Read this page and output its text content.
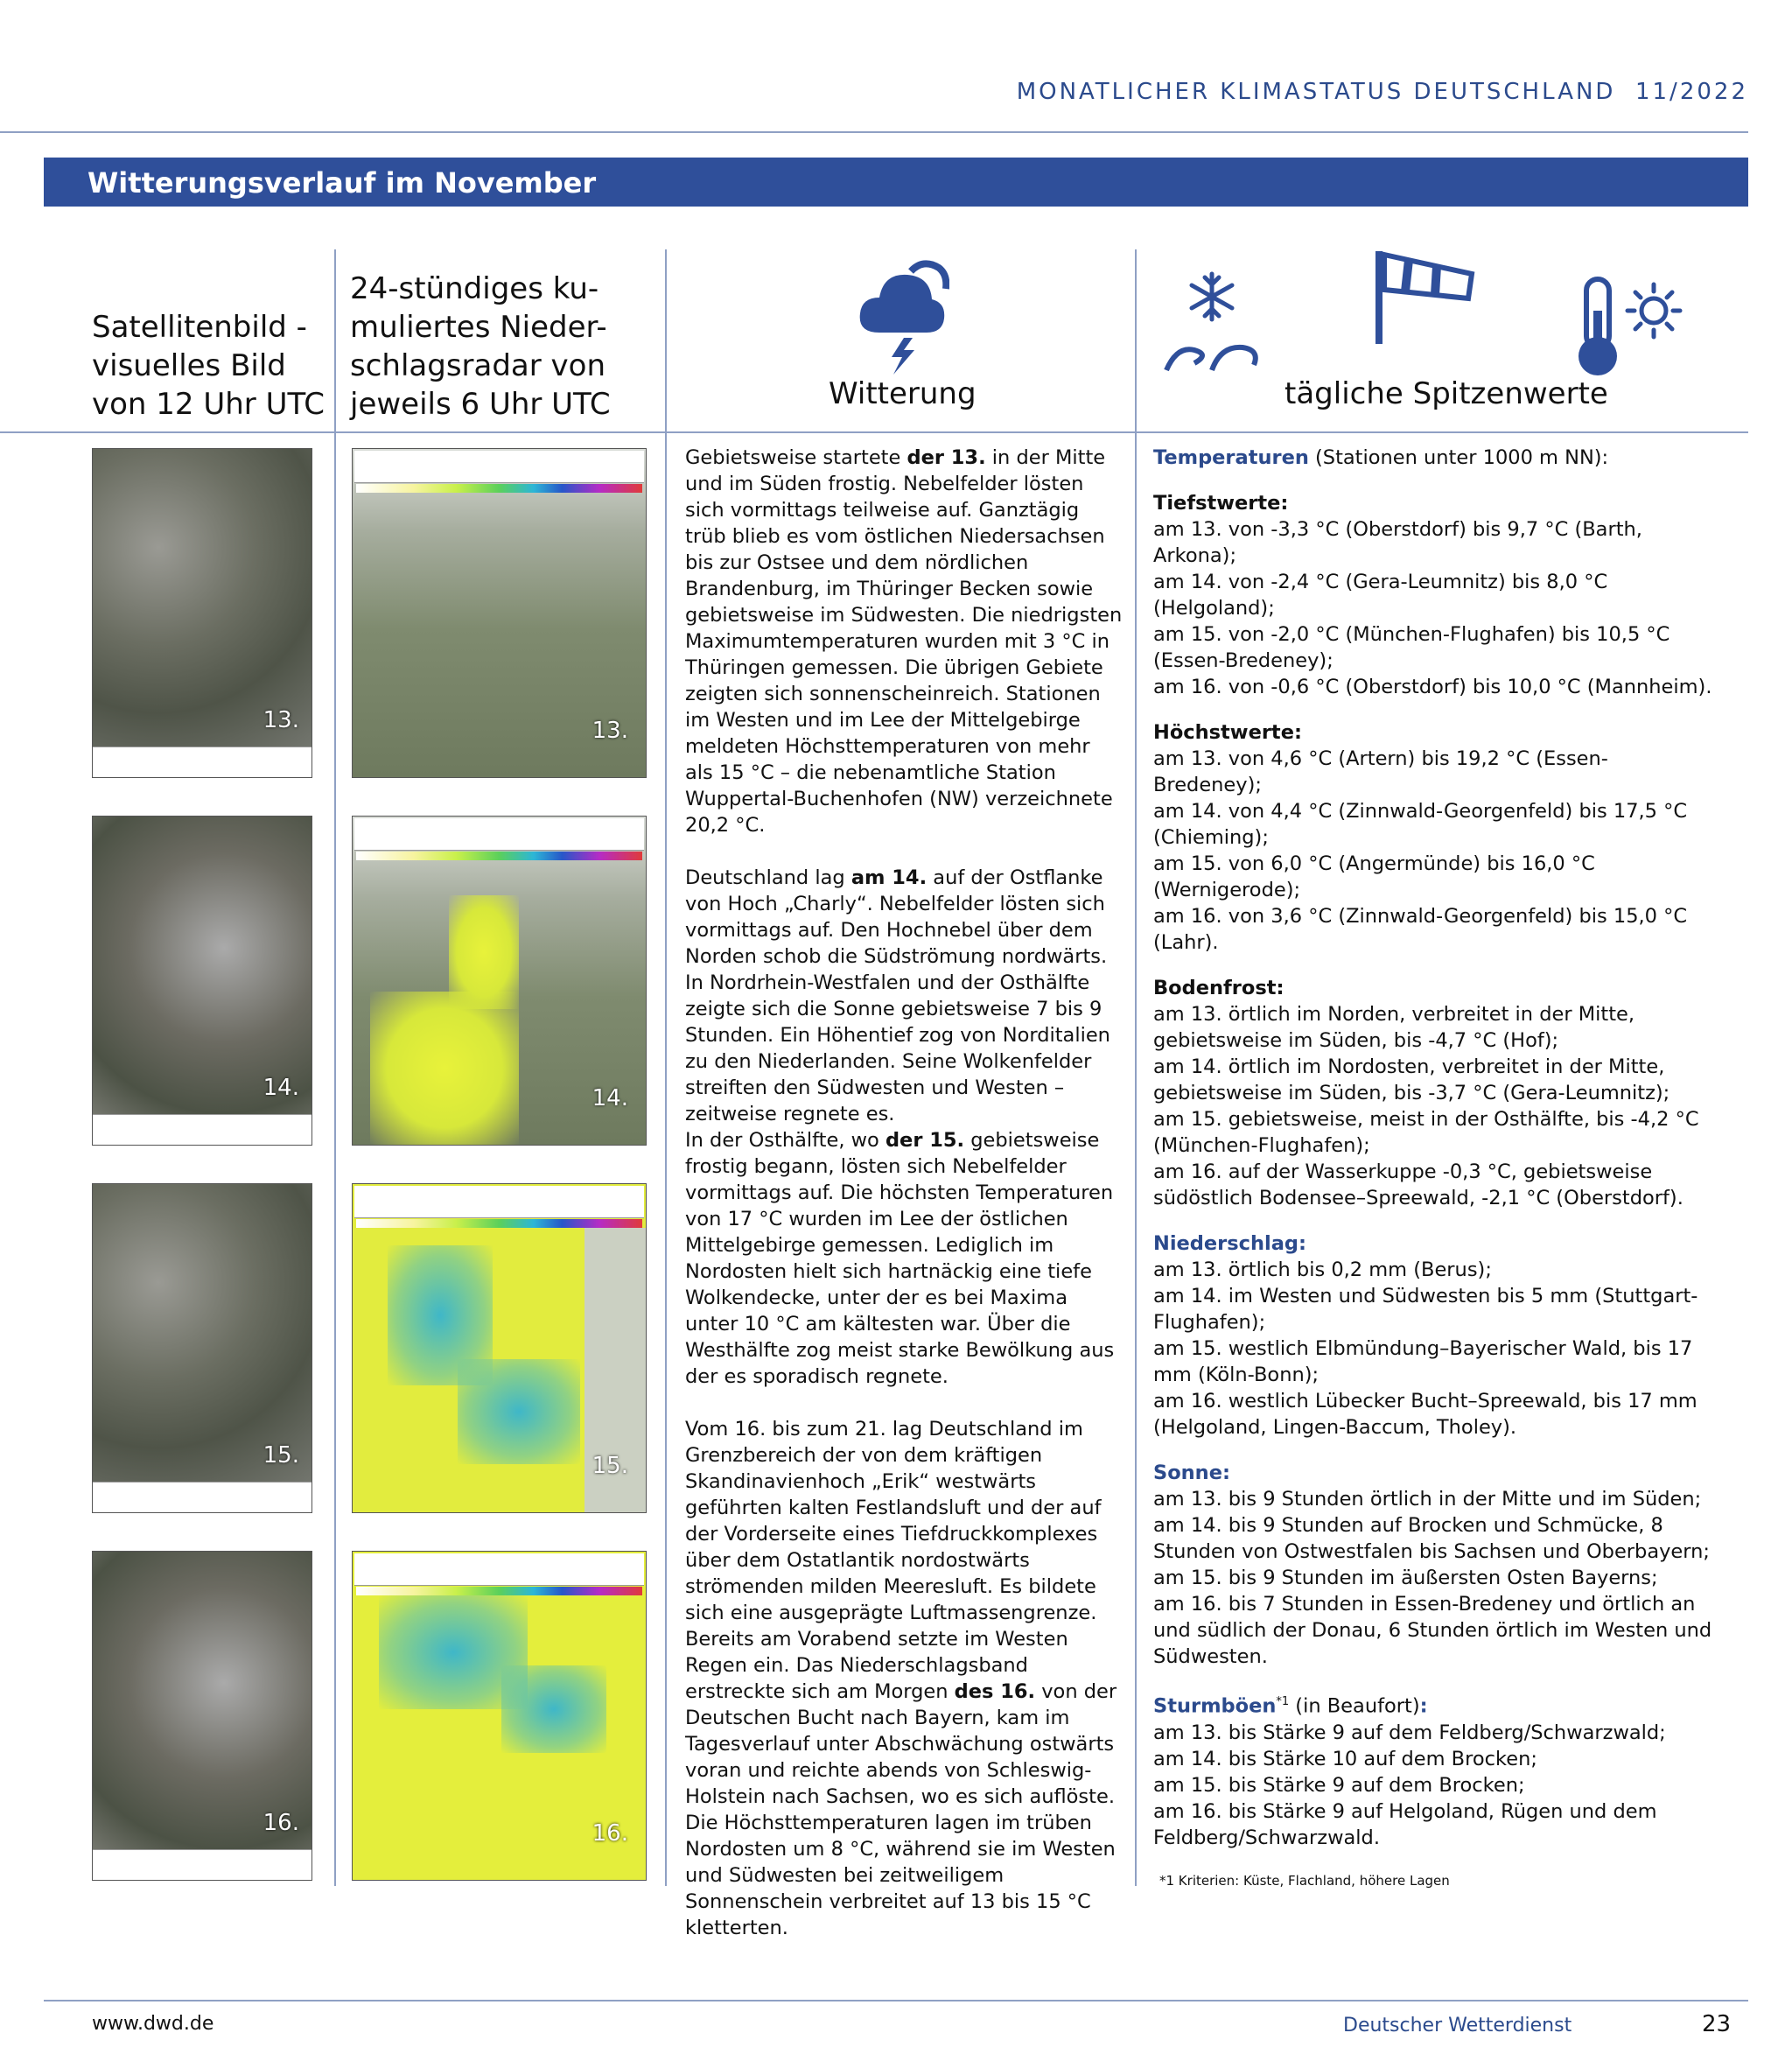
MONATLICHER KLIMASTATUS DEUTSCHLAND  11/2022
Witterungsverlauf im November
Satellitenbild -
visuelles Bild
von 12 Uhr UTC
24-stündiges ku-
muliertes Nieder-
schlagsradar von
jeweils 6 Uhr UTC	Witterung	tägliche Spitzenwerte
13.
14.
15.
16.
13.
14.
15.
16.

Gebietsweise startete der 13. in der Mitte und im Süden frostig. Nebelfelder lösten sich vormittags teilweise auf. Ganztägig trüb blieb es vom östlichen Niedersachsen bis zur Ostsee und dem nördlichen Brandenburg, im Thüringer Becken sowie gebietsweise im Südwesten. Die niedrigsten Maximumtemperaturen wurden mit 3 °C in Thüringen gemessen. Die übrigen Gebiete zeigten sich sonnenscheinreich. Stationen im Westen und im Lee der Mittelgebirge meldeten Höchsttemperaturen von mehr als 15 °C – die nebenamtliche Station Wuppertal-Buchenhofen (NW) verzeichnete 20,2 °C.

Deutschland lag am 14. auf der Ostflanke von Hoch „Charly“. Nebelfelder lösten sich vormittags auf. Den Hochnebel über dem Norden schob die Südströmung nordwärts. In Nordrhein-Westfalen und der Osthälfte zeigte sich die Sonne gebietsweise 7 bis 9 Stunden. Ein Höhentief zog von Norditalien zu den Niederlanden. Seine Wolkenfelder streiften den Südwesten und Westen – zeitweise regnete es.

In der Osthälfte, wo der 15. gebietsweise frostig begann, lösten sich Nebelfelder vormittags auf. Die höchsten Temperaturen von 17 °C wurden im Lee der östlichen Mittelgebirge gemessen. Lediglich im Nordosten hielt sich hartnäckig eine tiefe Wolkendecke, unter der es bei Maxima unter 10 °C am kältesten war. Über die Westhälfte zog meist starke Bewölkung aus der es sporadisch regnete.

Vom 16. bis zum 21. lag Deutschland im Grenzbereich der von dem kräftigen Skandinavienhoch „Erik“ westwärts geführten kalten Festlandsluft und der auf der Vorderseite eines Tiefdruckkomplexes über dem Ostatlantik nordostwärts strömenden milden Meeresluft. Es bildete sich eine ausgeprägte Luftmassengrenze.

Bereits am Vorabend setzte im Westen Regen ein. Das Niederschlagsband erstreckte sich am Morgen des 16. von der Deutschen Bucht nach Bayern, kam im Tagesverlauf unter Abschwächung ostwärts voran und reichte abends von Schleswig-Holstein nach Sachsen, wo es sich auflöste. Die Höchsttemperaturen lagen im trüben Nordosten um 8 °C, während sie im Westen und Südwesten bei zeitweiligem Sonnenschein verbreitet auf 13 bis 15 °C kletterten.

Temperaturen (Stationen unter 1000 m NN):

Tiefstwerte:

am 13. von -3,3 °C (Oberstdorf) bis 9,7 °C (Barth, Arkona);

am 14. von -2,4 °C (Gera-Leumnitz) bis 8,0 °C (Helgoland);

am 15. von -2,0 °C (München-Flughafen) bis 10,5 °C (Essen-Bredeney);

am 16. von -0,6 °C (Oberstdorf) bis 10,0 °C (Mannheim).

Höchstwerte:

am 13. von 4,6 °C (Artern) bis 19,2 °C (Essen-Bredeney);

am 14. von 4,4 °C (Zinnwald-Georgenfeld) bis 17,5 °C (Chieming);

am 15. von 6,0 °C (Angermünde) bis 16,0 °C (Wernigerode);

am 16. von 3,6 °C (Zinnwald-Georgenfeld) bis 15,0 °C (Lahr).

Bodenfrost:

am 13. örtlich im Norden, verbreitet in der Mitte, gebietsweise im Süden, bis -4,7 °C (Hof);

am 14. örtlich im Nordosten, verbreitet in der Mitte, gebietsweise im Süden, bis -3,7 °C (Gera-Leumnitz);

am 15. gebietsweise, meist in der Osthälfte, bis -4,2 °C (München-Flughafen);

am 16. auf der Wasserkuppe -0,3 °C, gebietsweise südöstlich Bodensee–Spreewald, -2,1 °C (Oberstdorf).

Niederschlag:

am 13. örtlich bis 0,2 mm (Berus);

am 14. im Westen und Südwesten bis 5 mm (Stuttgart-Flughafen);

am 15. westlich Elbmündung–Bayerischer Wald, bis 17 mm (Köln-Bonn);

am 16. westlich Lübecker Bucht–Spreewald, bis 17 mm (Helgoland, Lingen-Baccum, Tholey).

Sonne:

am 13. bis 9 Stunden örtlich in der Mitte und im Süden;

am 14. bis 9 Stunden auf Brocken und Schmücke, 8 Stunden von Ostwestfalen bis Sachsen und Oberbayern;

am 15. bis 9 Stunden im äußersten Osten Bayerns;

am 16. bis 7 Stunden in Essen-Bredeney und örtlich an und südlich der Donau, 6 Stunden örtlich im Westen und Südwesten.

Sturmböen$^{*1}$ (in Beaufort):

am 13. bis Stärke 9 auf dem Feldberg/Schwarzwald;

am 14. bis Stärke 10 auf dem Brocken;

am 15. bis Stärke 9 auf dem Brocken;

am 16. bis Stärke 9 auf Helgoland, Rügen und dem Feldberg/Schwarzwald.

*1 Kriterien: Küste, Flachland, höhere Lagen
www.dwd.de	Deutscher Wetterdienst	23
